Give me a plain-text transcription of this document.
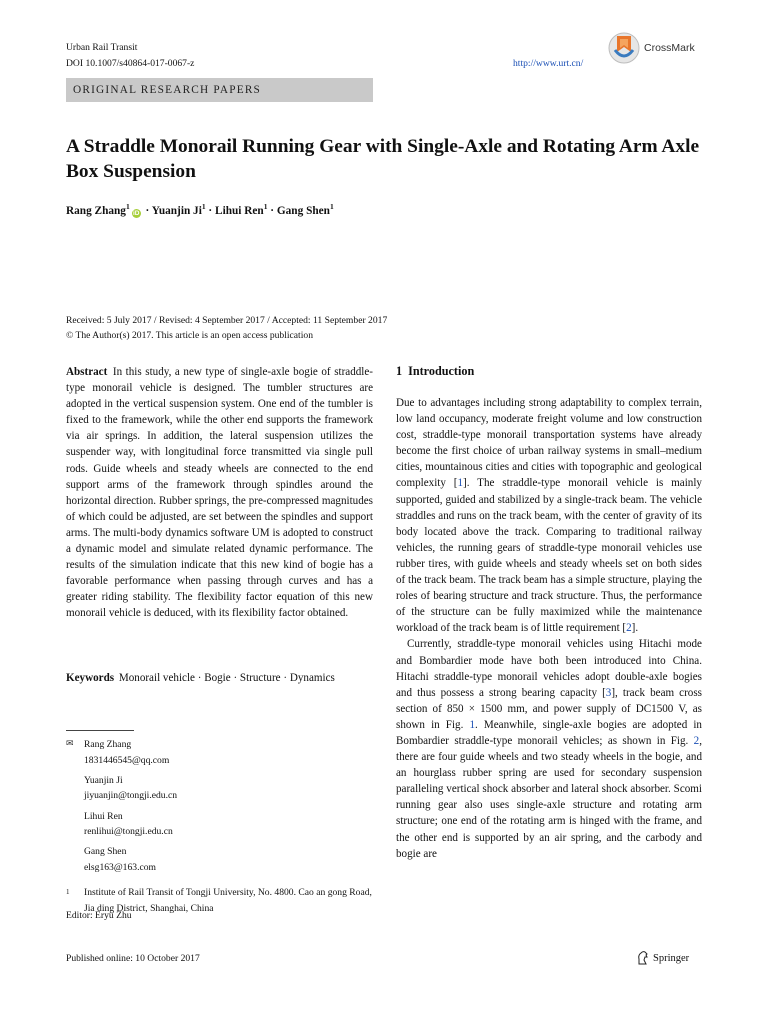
Urban Rail Transit
DOI 10.1007/s40864-017-0067-z	http://www.urt.cn/
CrossMark
ORIGINAL RESEARCH PAPERS
A Straddle Monorail Running Gear with Single-Axle and Rotating Arm Axle Box Suspension
Rang Zhang$^1$iD · Yuanjin $Ji^1$ · Lihui Ren$^1$ · Gang Shen$^1$
Received: 5 July 2017 / Revised: 4 September 2017 / Accepted: 11 September 2017
© The Author(s) 2017. This article is an open access publication
Abstract In this study, a new type of single-axle bogie of straddle-type monorail vehicle is designed. The tumbler structures are adopted in the vertical suspension system. One end of the tumbler is fixed to the framework, while the other end supports the framework via air springs. In addition, the lateral suspension utilizes the suspender way, with longitudinal force transmitted via single pull rods. Guide wheels and steady wheels are connected to the end support arms of the framework through spindles around the horizontal direction. Rubber springs, the pre-compressed magnitudes of which could be adjusted, are set between the spindles and support arms. The multi-body dynamics software UM is adopted to construct a dynamic model and simulate related dynamic performance. The results of the simulation indicate that this new kind of bogie has a favorable performance when passing through curves and has a greater riding stability. The flexibility factor equation of this new monorail vehicle is deduced, with its flexibility factor obtained.
Keywords Monorail vehicle · Bogie · Structure · Dynamics
✉	Rang Zhang
1831446545@qq.com
Yuanjin Ji
jiyuanjin@tongji.edu.cn
Lihui Ren
renlihui@tongji.edu.cn
Gang Shen
elsg163@163.com
1	Institute of Rail Transit of Tongji University, No. 4800. Cao an gong Road, Jia ding District, Shanghai, China
Editor: Eryu Zhu
Published online: 10 October 2017	Springer
1 Introduction

Due to advantages including strong adaptability to complex terrain, low land occupancy, moderate freight volume and low construction cost, straddle-type monorail transportation systems have already become the first choice of urban railway systems in small–medium cities, mountainous cities and cities with topographic and geological complexity [1]. The straddle-type monorail vehicle is mainly supported, guided and stabilized by a single-track beam. The vehicle straddles and runs on the track beam, with the center of gravity of its body located above the track. Comparing to traditional railway vehicles, the running gears of straddle-type monorail vehicles use rubber tires, with guide wheels and steady wheels set on both sides of the track beam. The track beam has a simple structure, playing the roles of bearing structure and track structure. Thus, the performance of the structure can be fully maximized while the maintenance workload of the track beam is of little requirement [2].

Currently, straddle-type monorail vehicles using Hitachi mode and Bombardier mode have both been introduced into China. Hitachi straddle-type monorail vehicles adopt double-axle bogies and thus possess a strong bearing capacity [3], track beam cross section of 850 × 1500 mm, and power supply of DC1500 V, as shown in Fig. 1. Meanwhile, single-axle bogies are adopted in Bombardier straddle-type monorail vehicles; as shown in Fig. 2, there are four guide wheels and two steady wheels in the bogie, and an hourglass rubber spring are used for secondary suspension paralleling vertical shock absorber and lateral shock absorber. Scomi running gear also uses single-axle structure and rotating arm structure; one end of the rotating arm is hinged with the frame, and the other end is supported by an air spring, and the carbody and bogie are
